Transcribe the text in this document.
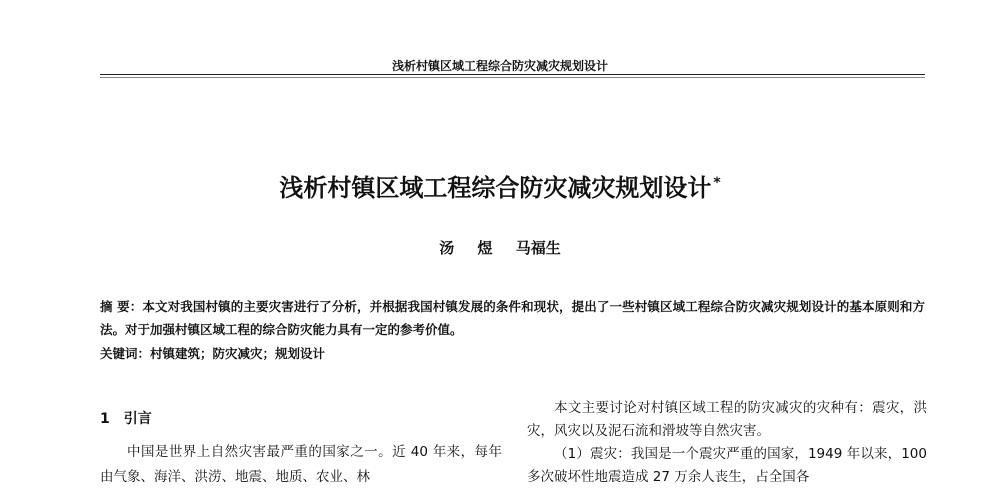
浅析村镇区域工程综合防灾减灾规划设计
浅析村镇区域工程综合防灾减灾规划设计 *
汤 煜 马福生
摘 要：本文对我国村镇的主要灾害进行了分析，并根据我国村镇发展的条件和现状，提出了一些村镇区域工程综合防灾减灾规划设计的基本原则和方法。对于加强村镇区域工程的综合防灾能力具有一定的参考价值。
关键词：村镇建筑；防灾减灾；规划设计
1 引言

中国是世界上自然灾害最严重的国家之一。近 40 年来，每年由气象、海洋、洪涝、地震、地质、农业、林

本文主要讨论对村镇区域工程的防灾减灾的灾种有：震灾，洪灾，风灾以及泥石流和滑坡等自然灾害。

（1）震灾：我国是一个震灾严重的国家，1949 年以来，100 多次破坏性地震造成 27 万余人丧生，占全国各
